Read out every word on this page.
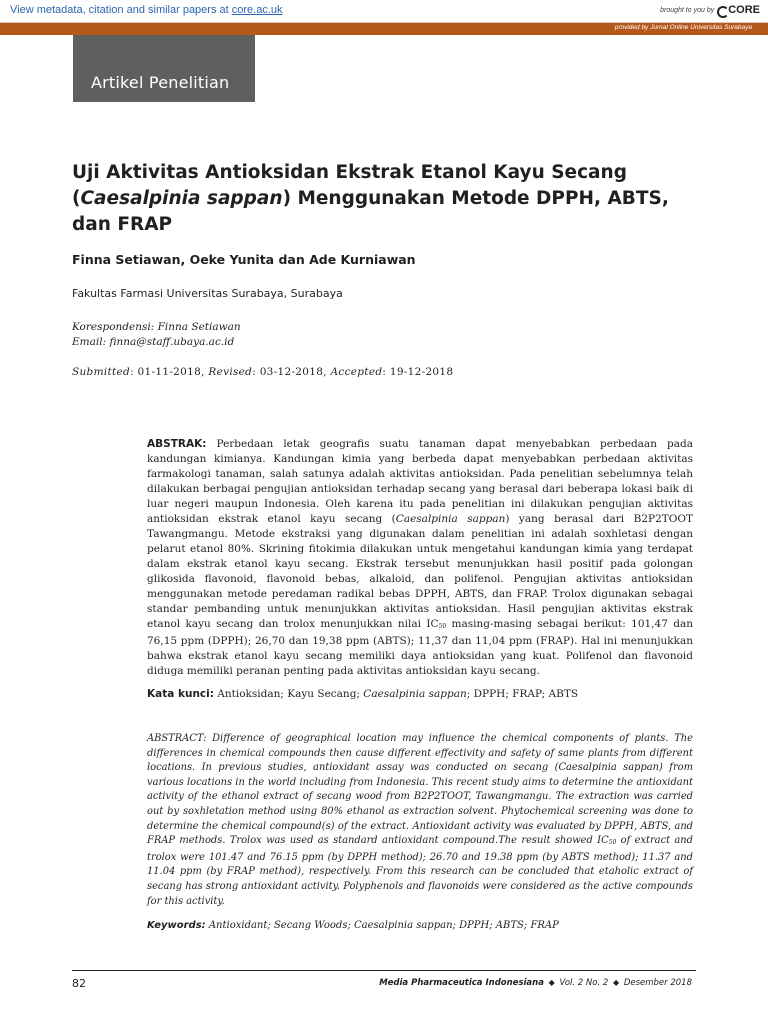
View metadata, citation and similar papers at core.ac.uk	brought to you by CORE
provided by Jurnal Online Universitas Surabaya
Artikel Penelitian
Uji Aktivitas Antioksidan Ekstrak Etanol Kayu Secang (Caesalpinia sappan) Menggunakan Metode DPPH, ABTS, dan FRAP
Finna Setiawan, Oeke Yunita dan Ade Kurniawan
Fakultas Farmasi Universitas Surabaya, Surabaya
Korespondensi: Finna Setiawan
Email: finna@staff.ubaya.ac.id
Submitted: 01-11-2018, Revised: 03-12-2018, Accepted: 19-12-2018

ABSTRAK: Perbedaan letak geografis suatu tanaman dapat menyebabkan perbedaan pada kandungan kimianya. Kandungan kimia yang berbeda dapat menyebabkan perbedaan aktivitas farmakologi tanaman, salah satunya adalah aktivitas antioksidan. Pada penelitian sebelumnya telah dilakukan berbagai pengujian antioksidan terhadap secang yang berasal dari beberapa lokasi baik di luar negeri maupun Indonesia. Oleh karena itu pada penelitian ini dilakukan pengujian aktivitas antioksidan ekstrak etanol kayu secang (Caesalpinia sappan) yang berasal dari B2P2TOOT Tawangmangu. Metode ekstraksi yang digunakan dalam penelitian ini adalah soxhletasi dengan pelarut etanol 80%. Skrining fitokimia dilakukan untuk mengetahui kandungan kimia yang terdapat dalam ekstrak etanol kayu secang. Ekstrak tersebut menunjukkan hasil positif pada golongan glikosida flavonoid, flavonoid bebas, alkaloid, dan polifenol. Pengujian aktivitas antioksidan menggunakan metode peredaman radikal bebas DPPH, ABTS, dan FRAP. Trolox digunakan sebagai standar pembanding untuk menunjukkan aktivitas antioksidan. Hasil pengujian aktivitas ekstrak etanol kayu secang dan trolox menunjukkan nilai $IC_{50}$ masing-masing sebagai berikut: 101,47 dan 76,15 ppm (DPPH); 26,70 dan 19,38 ppm (ABTS); 11,37 dan 11,04 ppm (FRAP). Hal ini menunjukkan bahwa ekstrak etanol kayu secang memiliki daya antioksidan yang kuat. Polifenol dan flavonoid diduga memiliki peranan penting pada aktivitas antioksidan kayu secang.

Kata kunci: Antioksidan; Kayu Secang; Caesalpinia sappan; DPPH; FRAP; ABTS

ABSTRACT: Difference of geographical location may influence the chemical components of plants. The differences in chemical compounds then cause different effectivity and safety of same plants from different locations. In previous studies, antioxidant assay was conducted on secang (Caesalpinia sappan) from various locations in the world including from Indonesia. This recent study aims to determine the antioxidant activity of the ethanol extract of secang wood from B2P2TOOT, Tawangmangu. The extraction was carried out by soxhletation method using 80% ethanol as extraction solvent. Phytochemical screening was done to determine the chemical compound(s) of the extract. Antioxidant activity was evaluated by DPPH, ABTS, and FRAP methods. Trolox was used as standard antioxidant compound.The result showed $IC_{50}$ of extract and trolox were 101.47 and 76.15 ppm (by DPPH method); 26.70 and 19.38 ppm (by ABTS method); 11.37 and 11.04 ppm (by FRAP method), respectively. From this research can be concluded that etaholic extract of secang has strong antioxidant activity. Polyphenols and flavonoids were considered as the active compounds for this activity.

Keywords: Antioxidant; Secang Woods; Caesalpinia sappan; DPPH; ABTS; FRAP

82	Media Pharmaceutica Indonesiana ◆ Vol. 2 No. 2 ◆ Desember 2018
